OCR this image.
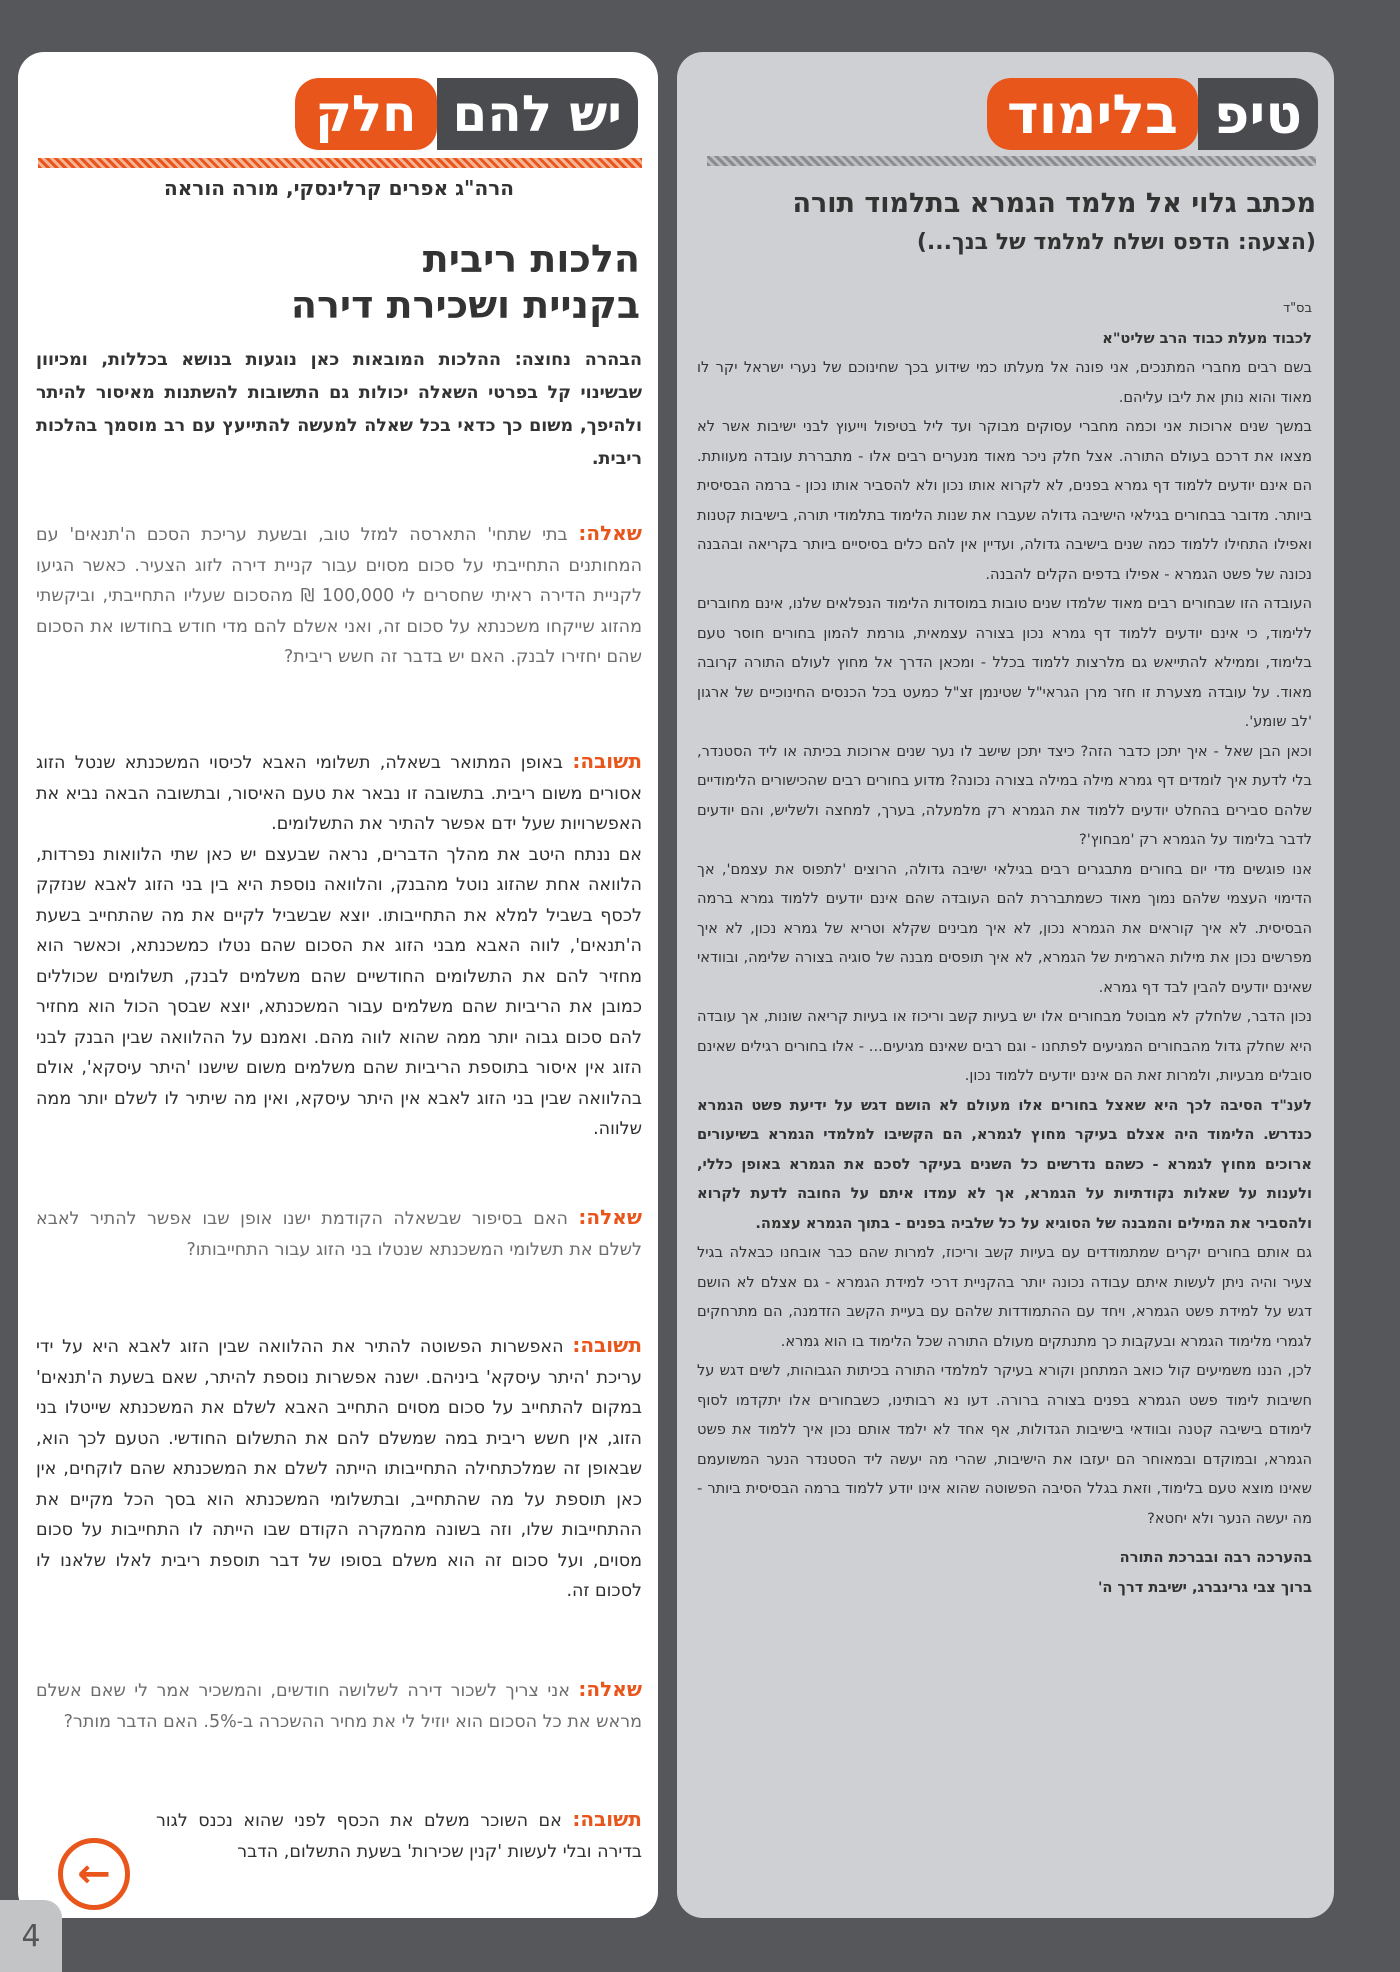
טיפ
בלימוד
מכתב גלוי אל מלמד הגמרא בתלמוד תורה
(הצעה: הדפס ושלח למלמד של בנך...)

בס"ד

לכבוד מעלת כבוד הרב שליט"א

בשם רבים מחברי המתנכים, אני פונה אל מעלתו כמי שידוע בכך שחינוכם של נערי ישראל יקר לו מאוד והוא נותן את ליבו עליהם.

במשך שנים ארוכות אני וכמה מחברי עסוקים מבוקר ועד ליל בטיפול וייעוץ לבני ישיבות אשר לא מצאו את דרכם בעולם התורה. אצל חלק ניכר מאוד מנערים רבים אלו - מתבררת עובדה מעוותת. הם אינם יודעים ללמוד דף גמרא בפנים, לא לקרוא אותו נכון ולא להסביר אותו נכון - ברמה הבסיסית ביותר. מדובר בבחורים בגילאי הישיבה גדולה שעברו את שנות הלימוד בתלמודי תורה, בישיבות קטנות ואפילו התחילו ללמוד כמה שנים בישיבה גדולה, ועדיין אין להם כלים בסיסיים ביותר בקריאה ובהבנה נכונה של פשט הגמרא - אפילו בדפים הקלים להבנה.

העובדה הזו שבחורים רבים מאוד שלמדו שנים טובות במוסדות הלימוד הנפלאים שלנו, אינם מחוברים ללימוד, כי אינם יודעים ללמוד דף גמרא נכון בצורה עצמאית, גורמת להמון בחורים חוסר טעם בלימוד, וממילא להתייאש גם מלרצות ללמוד בכלל - ומכאן הדרך אל מחוץ לעולם התורה קרובה מאוד. על עובדה מצערת זו חזר מרן הגראי"ל שטינמן זצ"ל כמעט בכל הכנסים החינוכיים של ארגון 'לב שומע'.

וכאן הבן שאל - איך יתכן כדבר הזה? כיצד יתכן שישב לו נער שנים ארוכות בכיתה או ליד הסטנדר, בלי לדעת איך לומדים דף גמרא מילה במילה בצורה נכונה? מדוע בחורים רבים שהכישורים הלימודיים שלהם סבירים בהחלט יודעים ללמוד את הגמרא רק מלמעלה, בערך, למחצה ולשליש, והם יודעים לדבר בלימוד על הגמרא רק 'מבחוץ'?

אנו פוגשים מדי יום בחורים מתבגרים רבים בגילאי ישיבה גדולה, הרוצים 'לתפוס את עצמם', אך הדימוי העצמי שלהם נמוך מאוד כשמתבררת להם העובדה שהם אינם יודעים ללמוד גמרא ברמה הבסיסית. לא איך קוראים את הגמרא נכון, לא איך מבינים שקלא וטריא של גמרא נכון, לא איך מפרשים נכון את מילות הארמית של הגמרא, לא איך תופסים מבנה של סוגיה בצורה שלימה, ובוודאי שאינם יודעים להבין לבד דף גמרא.

נכון הדבר, שלחלק לא מבוטל מבחורים אלו יש בעיות קשב וריכוז או בעיות קריאה שונות, אך עובדה היא שחלק גדול מהבחורים המגיעים לפתחנו - וגם רבים שאינם מגיעים... - אלו בחורים רגילים שאינם סובלים מבעיות, ולמרות זאת הם אינם יודעים ללמוד נכון.

לענ"ד הסיבה לכך היא שאצל בחורים אלו מעולם לא הושם דגש על ידיעת פשט הגמרא כנדרש. הלימוד היה אצלם בעיקר מחוץ לגמרא, הם הקשיבו למלמדי הגמרא בשיעורים ארוכים מחוץ לגמרא - כשהם נדרשים כל השנים בעיקר לסכם את הגמרא באופן כללי, ולענות על שאלות נקודתיות על הגמרא, אך לא עמדו איתם על החובה לדעת לקרוא ולהסביר את המילים והמבנה של הסוגיא על כל שלביה בפנים - בתוך הגמרא עצמה.

גם אותם בחורים יקרים שמתמודדים עם בעיות קשב וריכוז, למרות שהם כבר אובחנו כבאלה בגיל צעיר והיה ניתן לעשות איתם עבודה נכונה יותר בהקניית דרכי למידת הגמרא - גם אצלם לא הושם דגש על למידת פשט הגמרא, ויחד עם ההתמודדות שלהם עם בעיית הקשב הזדמנה, הם מתרחקים לגמרי מלימוד הגמרא ובעקבות כך מתנתקים מעולם התורה שכל הלימוד בו הוא גמרא.

לכן, הננו משמיעים קול כואב המתחנן וקורא בעיקר למלמדי התורה בכיתות הגבוהות, לשים דגש על חשיבות לימוד פשט הגמרא בפנים בצורה ברורה. דעו נא רבותינו, כשבחורים אלו יתקדמו לסוף לימודם בישיבה קטנה ובוודאי בישיבות הגדולות, אף אחד לא ילמד אותם נכון איך ללמוד את פשט הגמרא, ובמוקדם ובמאוחר הם יעזבו את הישיבות, שהרי מה יעשה ליד הסטנדר הנער המשועמם שאינו מוצא טעם בלימוד, וזאת בגלל הסיבה הפשוטה שהוא אינו יודע ללמוד ברמה הבסיסית ביותר - מה יעשה הנער ולא יחטא?

בהערכה רבה ובברכת התורה

ברוך צבי גרינברג, ישיבת דרך ה'

יש להם
חלק
הרה"ג אפרים קרלינסקי, מורה הוראה
הלכות ריבית
בקניית ושכירת דירה
הבהרה נחוצה: ההלכות המובאות כאן נוגעות בנושא בכללות, ומכיוון שבשינוי קל בפרטי השאלה יכולות גם התשובות להשתנות מאיסור להיתר ולהיפך, משום כך כדאי בכל שאלה למעשה להתייעץ עם רב מוסמך בהלכות ריבית.
שאלה: בתי שתחי' התארסה למזל טוב, ובשעת עריכת הסכם ה'תנאים' עם המחותנים התחייבתי על סכום מסוים עבור קניית דירה לזוג הצעיר. כאשר הגיעו לקניית הדירה ראיתי שחסרים לי 100,000 ₪ מהסכום שעליו התחייבתי, וביקשתי מהזוג שייקחו משכנתא על סכום זה, ואני אשלם להם מדי חודש בחודשו את הסכום שהם יחזירו לבנק. האם יש בדבר זה חשש ריבית?
תשובה: באופן המתואר בשאלה, תשלומי האבא לכיסוי המשכנתא שנטל הזוג אסורים משום ריבית. בתשובה זו נבאר את טעם האיסור, ובתשובה הבאה נביא את האפשרויות שעל ידם אפשר להתיר את התשלומים.
אם ננתח היטב את מהלך הדברים, נראה שבעצם יש כאן שתי הלוואות נפרדות, הלוואה אחת שהזוג נוטל מהבנק, והלוואה נוספת היא בין בני הזוג לאבא שנזקק לכסף בשביל למלא את התחייבותו. יוצא שבשביל לקיים את מה שהתחייב בשעת ה'תנאים', לווה האבא מבני הזוג את הסכום שהם נטלו כמשכנתא, וכאשר הוא מחזיר להם את התשלומים החודשיים שהם משלמים לבנק, תשלומים שכוללים כמובן את הריביות שהם משלמים עבור המשכנתא, יוצא שבסך הכול הוא מחזיר להם סכום גבוה יותר ממה שהוא לווה מהם. ואמנם על ההלוואה שבין הבנק לבני הזוג אין איסור בתוספת הריביות שהם משלמים משום שישנו 'היתר עיסקא', אולם בהלוואה שבין בני הזוג לאבא אין היתר עיסקא, ואין מה שיתיר לו לשלם יותר ממה שלווה.
שאלה: האם בסיפור שבשאלה הקודמת ישנו אופן שבו אפשר להתיר לאבא לשלם את תשלומי המשכנתא שנטלו בני הזוג עבור התחייבותו?
תשובה: האפשרות הפשוטה להתיר את ההלוואה שבין הזוג לאבא היא על ידי עריכת 'היתר עיסקא' ביניהם. ישנה אפשרות נוספת להיתר, שאם בשעת ה'תנאים' במקום להתחייב על סכום מסוים התחייב האבא לשלם את המשכנתא שייטלו בני הזוג, אין חשש ריבית במה שמשלם להם את התשלום החודשי. הטעם לכך הוא, שבאופן זה שמלכתחילה התחייבותו הייתה לשלם את המשכנתא שהם לוקחים, אין כאן תוספת על מה שהתחייב, ובתשלומי המשכנתא הוא בסך הכל מקיים את ההתחייבות שלו, וזה בשונה מהמקרה הקודם שבו הייתה לו התחייבות על סכום מסוים, ועל סכום זה הוא משלם בסופו של דבר תוספת ריבית לאלו שלאנו לו לסכום זה.
שאלה: אני צריך לשכור דירה לשלושה חודשים, והמשכיר אמר לי שאם אשלם מראש את כל הסכום הוא יוזיל לי את מחיר ההשכרה ב-5%. האם הדבר מותר?
תשובה: אם השוכר משלם את הכסף לפני שהוא נכנס לגור בדירה ובלי לעשות 'קנין שכירות' בשעת התשלום, הדבר
←
4
